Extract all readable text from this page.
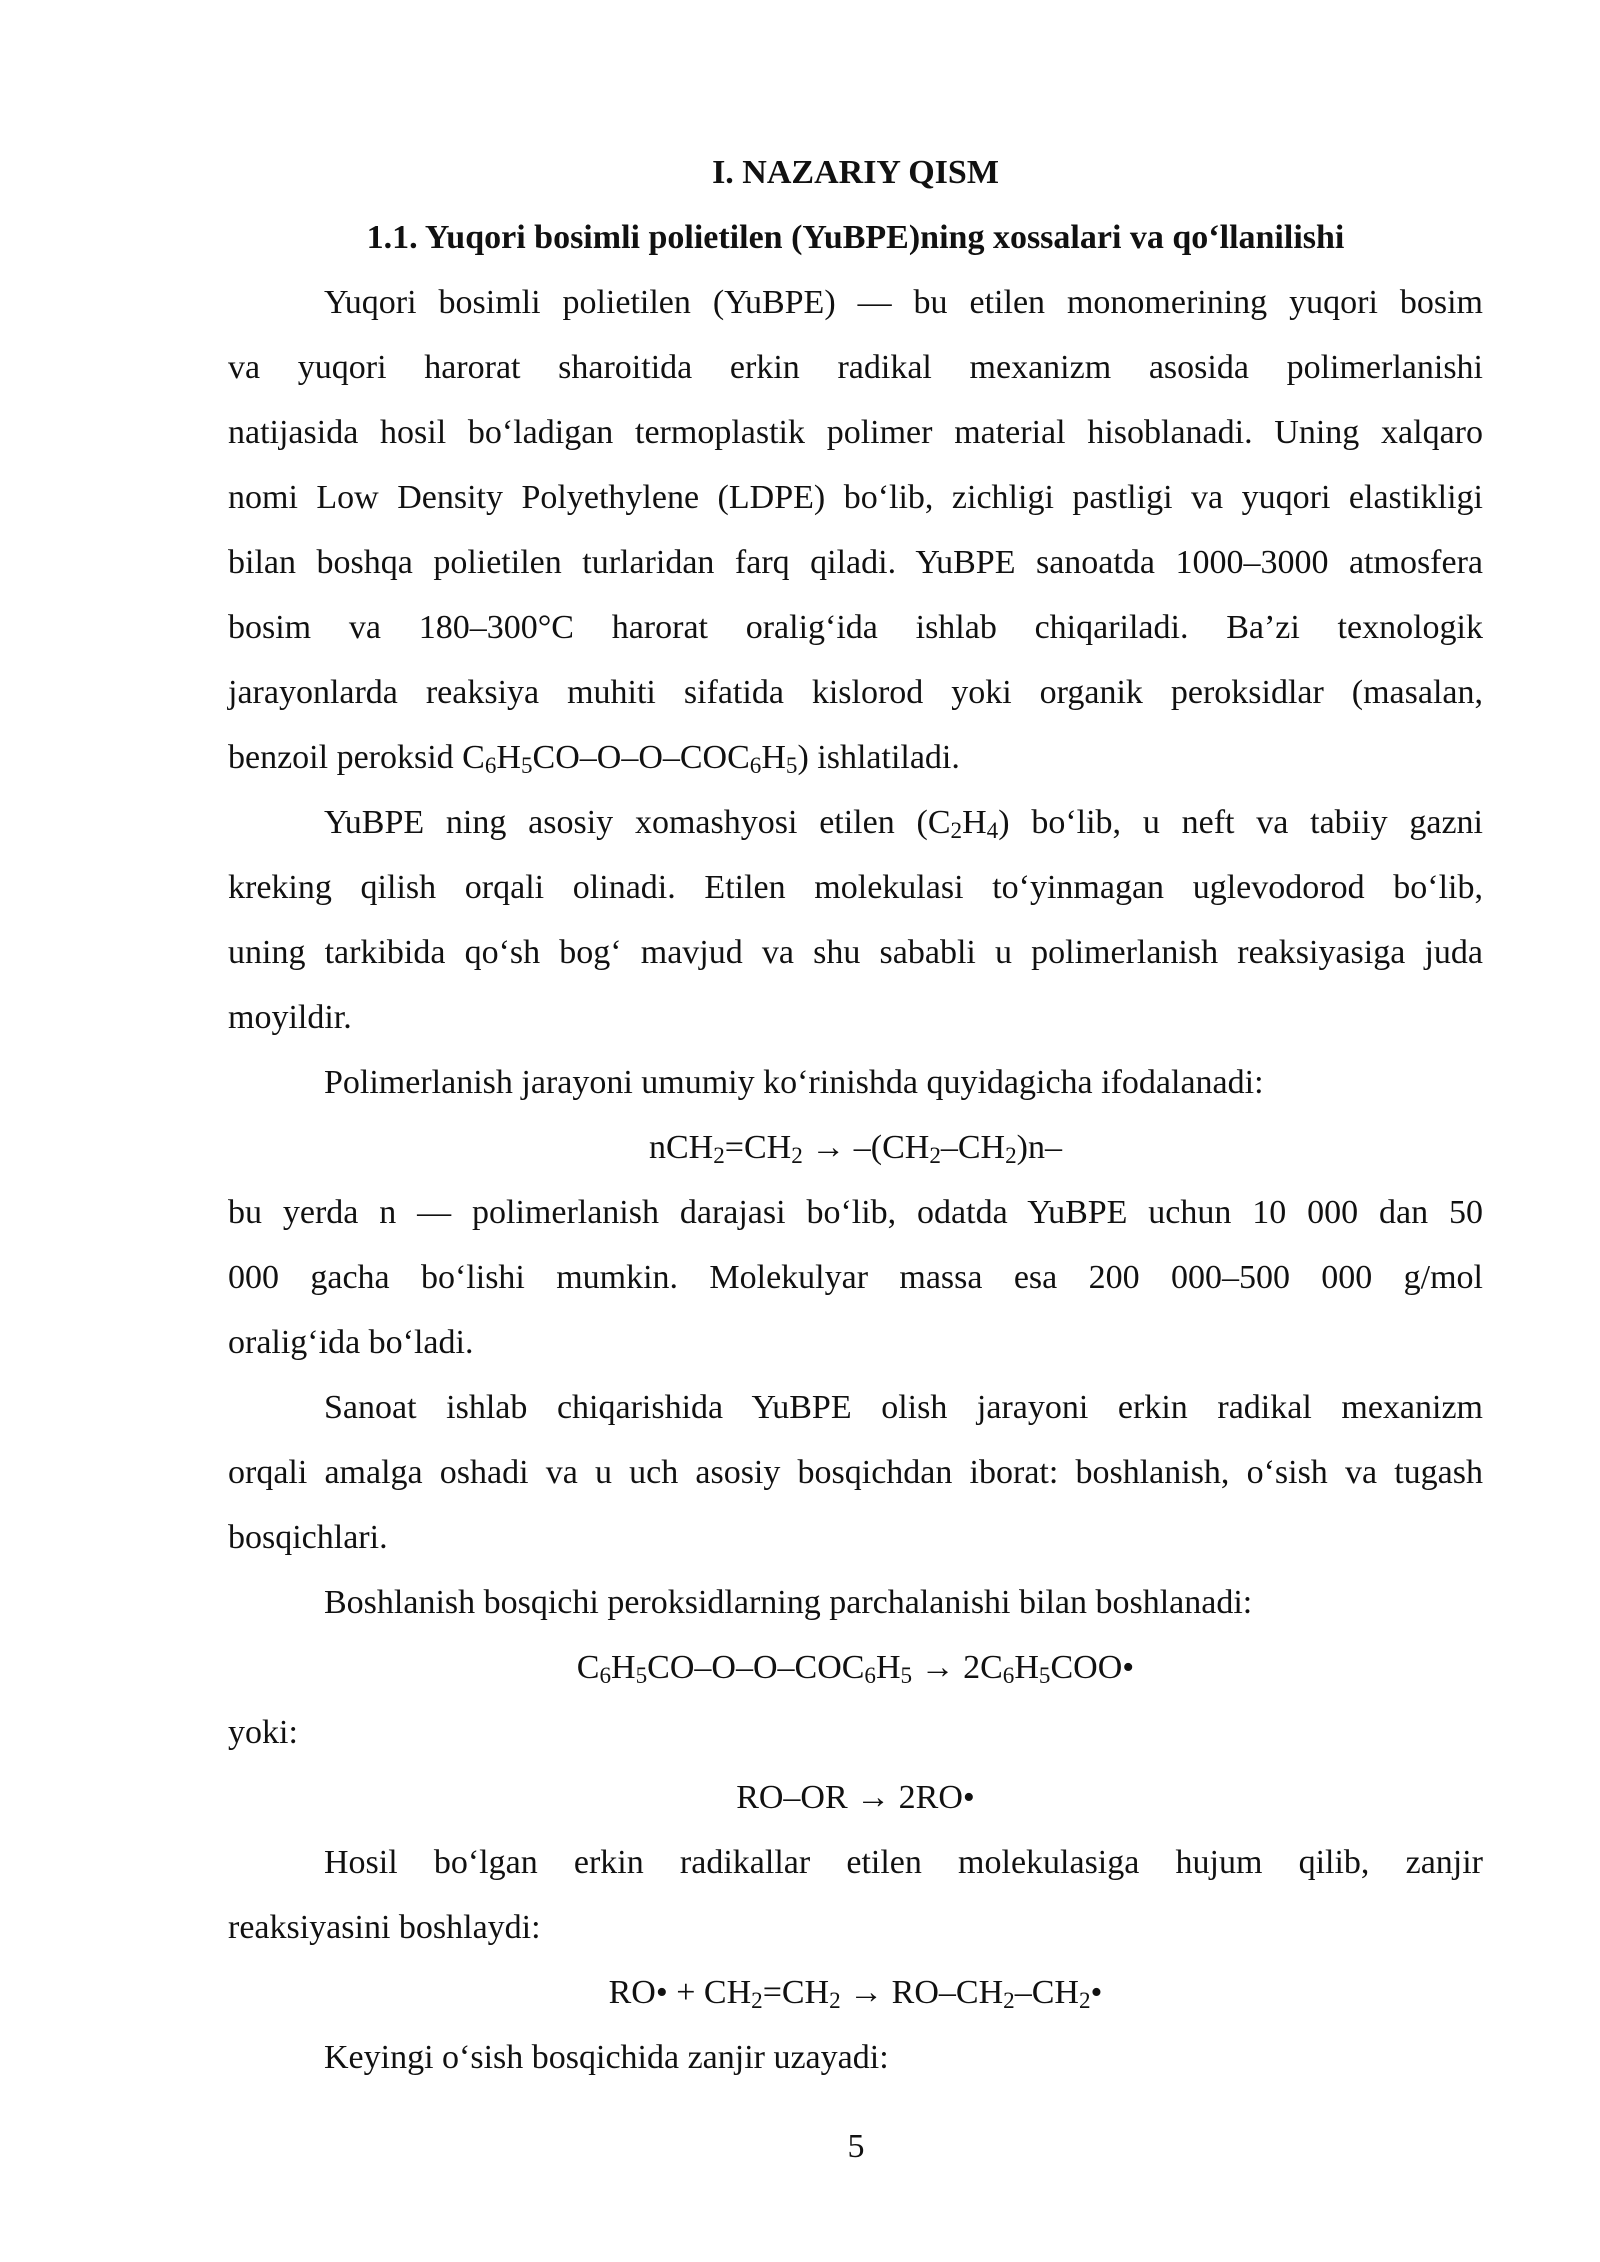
I. NAZARIY QISM
1.1. Yuqori bosimli polietilen (YuBPE)ning xossalari va qo‘llanilishi
Yuqori bosimli polietilen (YuBPE) — bu etilen monomerining yuqori bosim
va yuqori harorat sharoitida erkin radikal mexanizm asosida polimerlanishi
natijasida hosil bo‘ladigan termoplastik polimer material hisoblanadi. Uning xalqaro
nomi Low Density Polyethylene (LDPE) bo‘lib, zichligi pastligi va yuqori elastikligi
bilan boshqa polietilen turlaridan farq qiladi. YuBPE sanoatda 1000–3000 atmosfera
bosim va 180–300°C harorat oralig‘ida ishlab chiqariladi. Ba’zi texnologik
jarayonlarda reaksiya muhiti sifatida kislorod yoki organik peroksidlar (masalan,
benzoil peroksid $C_6H_5CO-O-O-COC_6H_5$) ishlatiladi.
YuBPE ning asosiy xomashyosi etilen $(C_2H_4)$ bo‘lib, u neft va tabiiy gazni
kreking qilish orqali olinadi. Etilen molekulasi to‘yinmagan uglevodorod bo‘lib,
uning tarkibida qo‘sh bog‘ mavjud va shu sababli u polimerlanish reaksiyasiga juda
moyildir.
Polimerlanish jarayoni umumiy ko‘rinishda quyidagicha ifodalanadi:
$nCH_2=CH_2 \to -(CH_2-CH_2)n-$
bu yerda n — polimerlanish darajasi bo‘lib, odatda YuBPE uchun 10 000 dan 50
000 gacha bo‘lishi mumkin. Molekulyar massa esa 200 000–500 000 g/mol
oralig‘ida bo‘ladi.
Sanoat ishlab chiqarishida YuBPE olish jarayoni erkin radikal mexanizm
orqali amalga oshadi va u uch asosiy bosqichdan iborat: boshlanish, o‘sish va tugash
bosqichlari.
Boshlanish bosqichi peroksidlarning parchalanishi bilan boshlanadi:
$C_6H_5CO-O-O-COC_6H_5$ → $2C_6H_5COO•$
yoki:
RO–OR → 2RO•
Hosil bo‘lgan erkin radikallar etilen molekulasiga hujum qilib, zanjir
reaksiyasini boshlaydi:
RO• + $CH_2=CH_2$ → $RO-CH_2-CH_2•$
Keyingi o‘sish bosqichida zanjir uzayadi:
5
